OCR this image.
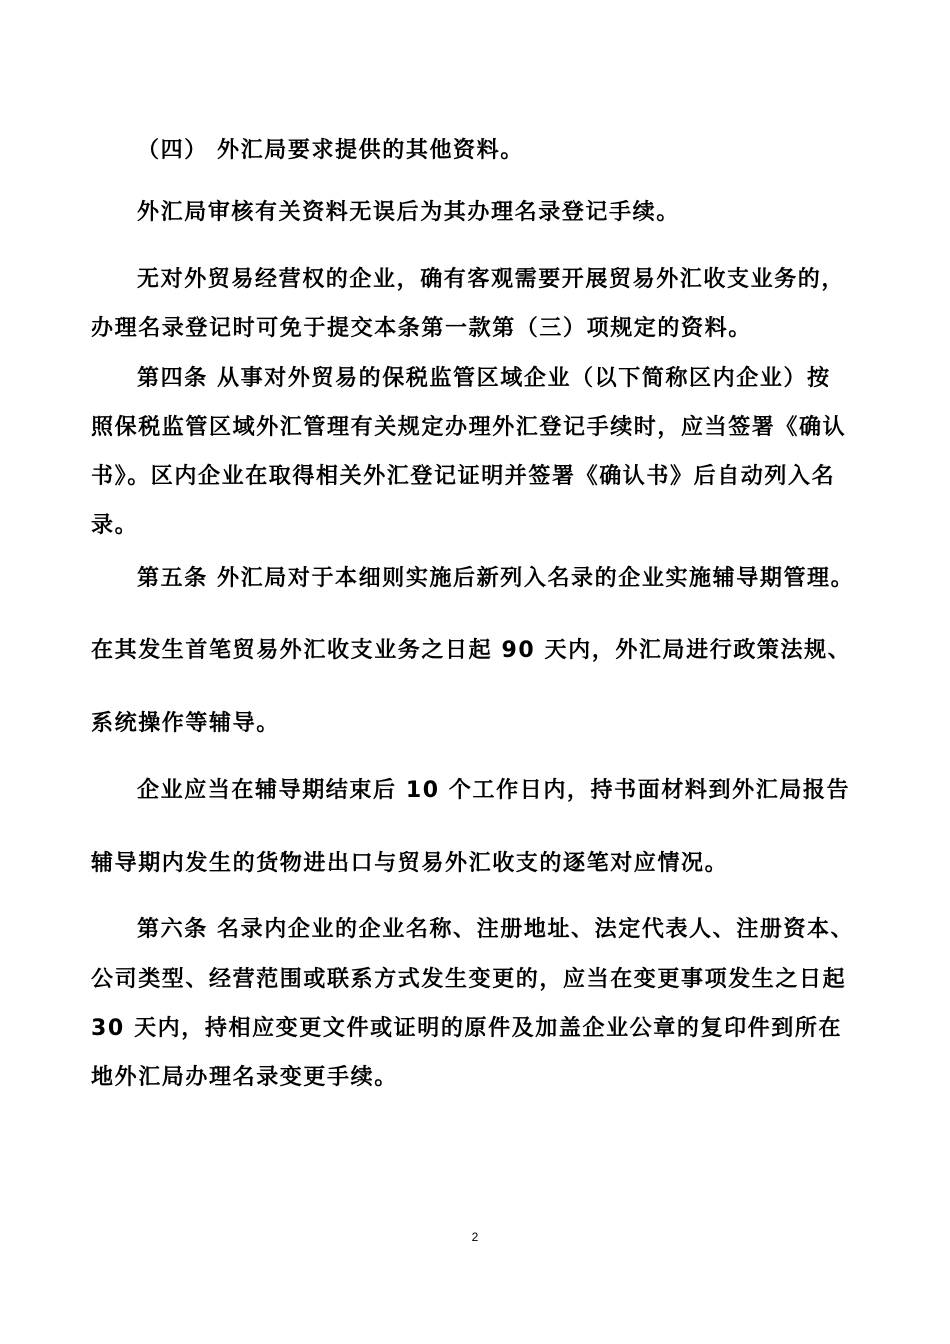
（四） 外汇局要求提供的其他资料。

外汇局审核有关资料无误后为其办理名录登记手续。

无对外贸易经营权的企业，确有客观需要开展贸易外汇收支业务的，

办理名录登记时可免于提交本条第一款第（三）项规定的资料。

第四条 从事对外贸易的保税监管区域企业（以下简称区内企业）按

照保税监管区域外汇管理有关规定办理外汇登记手续时，应当签署《确认

书》。区内企业在取得相关外汇登记证明并签署《确认书》后自动列入名

录。

第五条 外汇局对于本细则实施后新列入名录的企业实施辅导期管理。

在其发生首笔贸易外汇收支业务之日起 90 天内，外汇局进行政策法规、

系统操作等辅导。

企业应当在辅导期结束后 10 个工作日内，持书面材料到外汇局报告

辅导期内发生的货物进出口与贸易外汇收支的逐笔对应情况。

第六条 名录内企业的企业名称、注册地址、法定代表人、注册资本、

公司类型、经营范围或联系方式发生变更的，应当在变更事项发生之日起

30 天内，持相应变更文件或证明的原件及加盖企业公章的复印件到所在

地外汇局办理名录变更手续。

2
